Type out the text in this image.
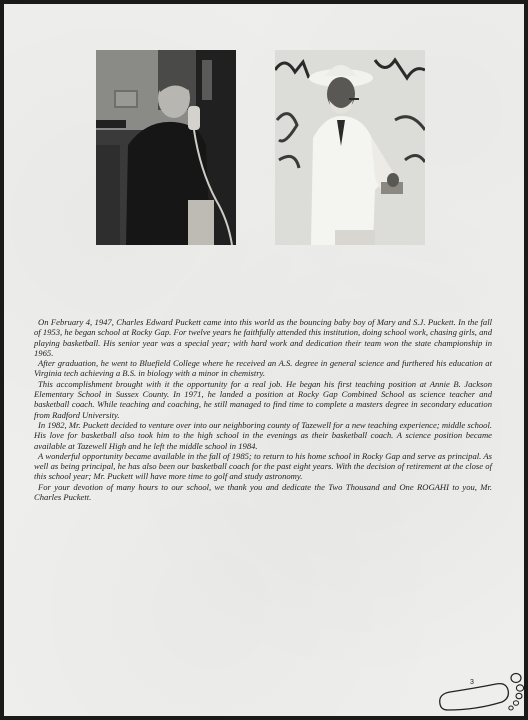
On February 4, 1947, Charles Edward Puckett came into this world as the bouncing baby boy of Mary and S.J. Puckett. In the fall of 1953, he began school at Rocky Gap. For twelve years he faithfully attended this institution, doing school work, chasing girls, and playing basketball. His senior year was a special year; with hard work and dedication their team won the state championship in 1965.

After graduation, he went to Bluefield College where he received an A.S. degree in general science and furthered his education at Virginia tech achieving a B.S. in biology with a minor in chemistry.

This accomplishment brought with it the opportunity for a real job. He began his first teaching position at Annie B. Jackson Elementary School in Sussex County. In 1971, he landed a position at Rocky Gap Combined School as science teacher and basketball coach. While teaching and coaching, he still managed to find time to complete a masters degree in secondary education from Radford University.

In 1982, Mr. Puckett decided to venture over into our neighboring county of Tazewell for a new teaching experience; middle school. His love for basketball also took him to the high school in the evenings as their basketball coach. A science position became available at Tazewell High and he left the middle school in 1984.

A wonderful opportunity became available in the fall of 1985; to return to his home school in Rocky Gap and serve as principal. As well as being principal, he has also been our basketball coach for the past eight years. With the decision of retirement at the close of this school year; Mr. Puckett will have more time to golf and study astronomy.

For your devotion of many hours to our school, we thank you and dedicate the Two Thousand and One ROGAHI to you, Mr. Charles Puckett.

3
